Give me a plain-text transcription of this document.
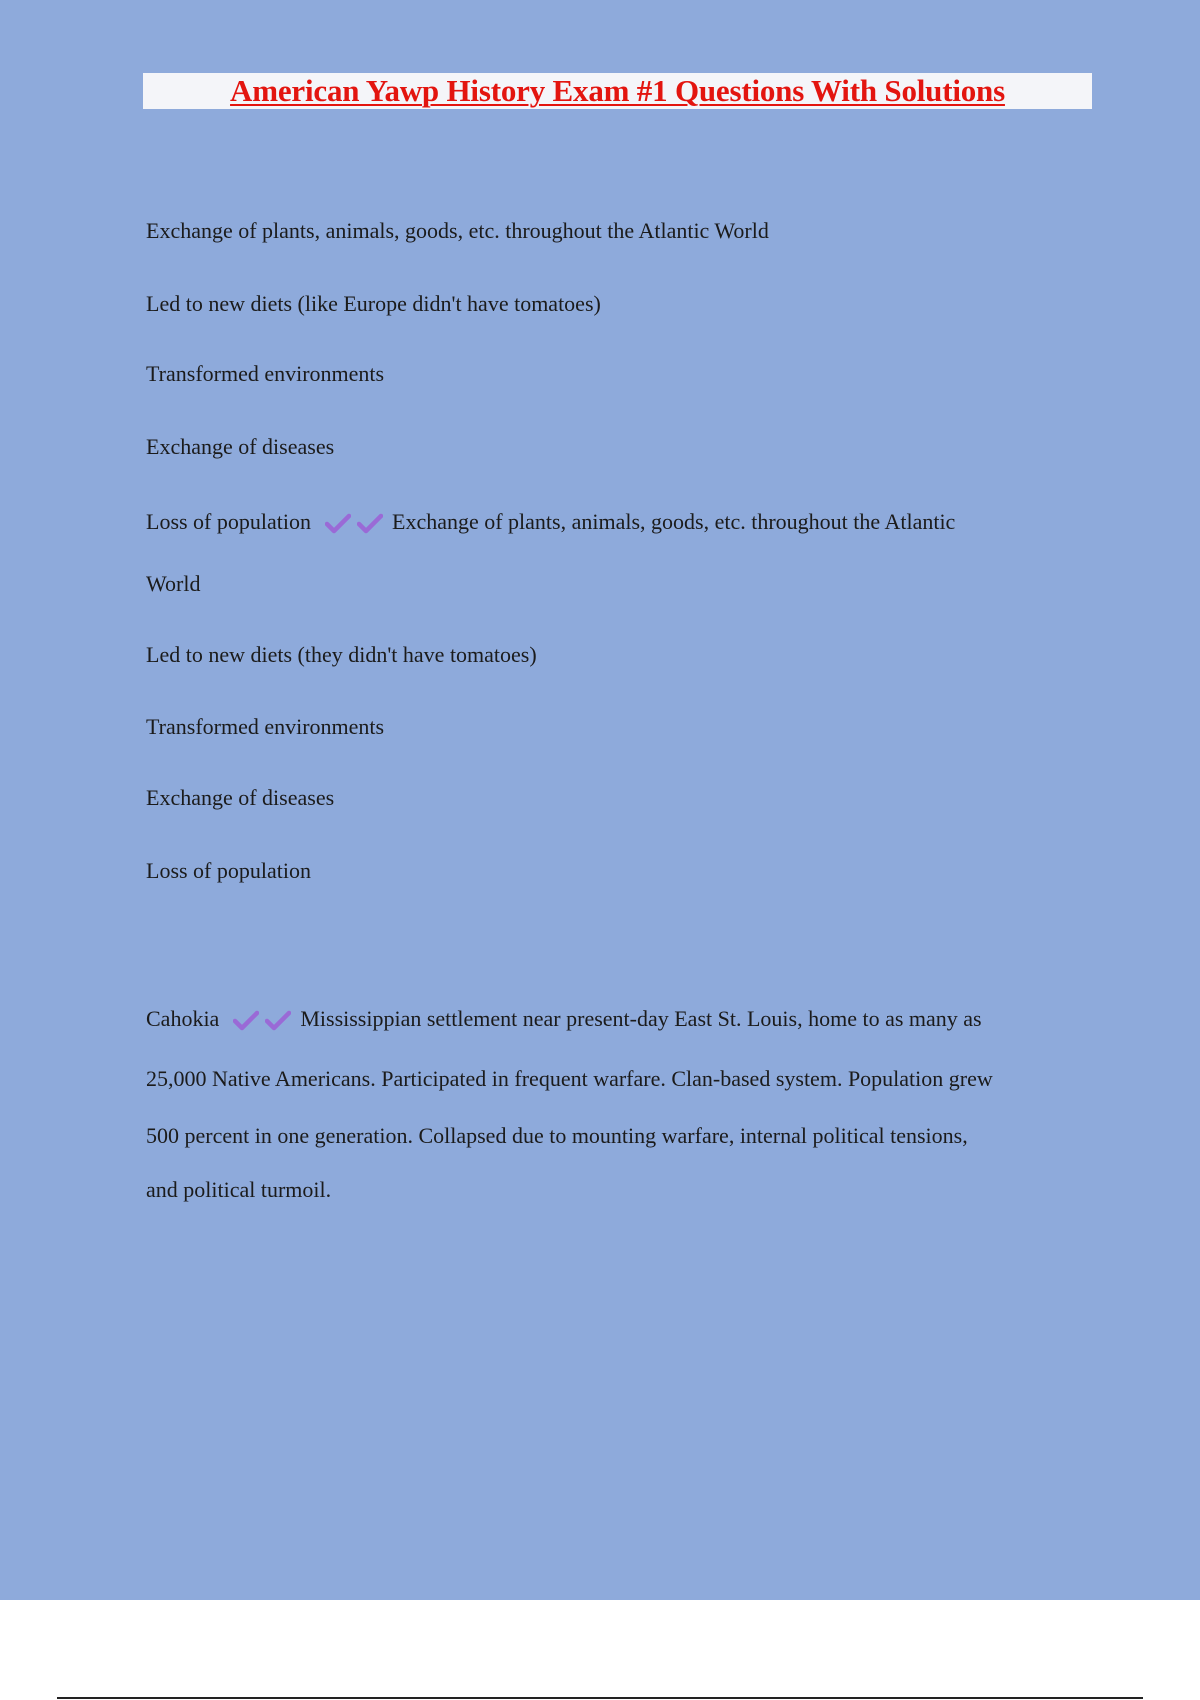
American Yawp History Exam #1 Questions With Solutions
Exchange of plants, animals, goods, etc. throughout the Atlantic World
Led to new diets (like Europe didn't have tomatoes)
Transformed environments
Exchange of diseases
Loss of population	Exchange of plants, animals, goods, etc. throughout the Atlantic
World
Led to new diets (they didn't have tomatoes)
Transformed environments
Exchange of diseases
Loss of population
Cahokia	Mississippian settlement near present-day East St. Louis, home to as many as
25,000 Native Americans. Participated in frequent warfare. Clan-based system. Population grew
500 percent in one generation. Collapsed due to mounting warfare, internal political tensions,
and political turmoil.
